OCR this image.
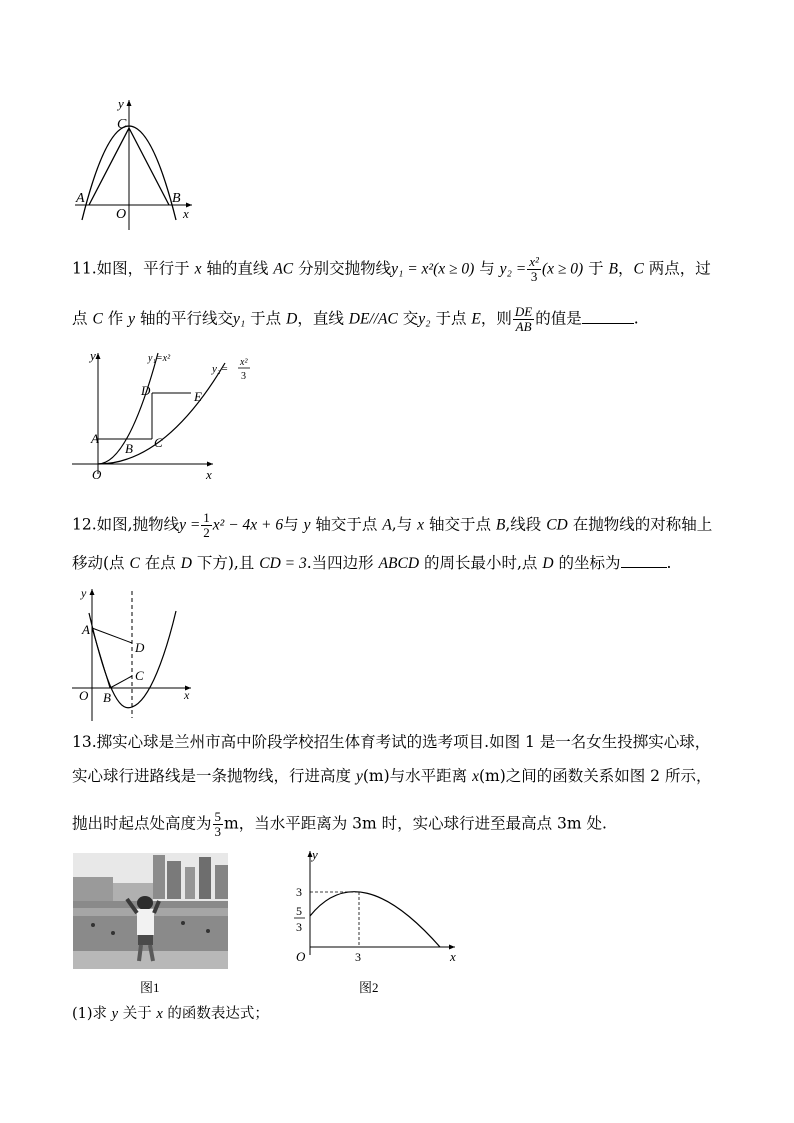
y
C
A
O
B
x
11.如图，平行于 x 轴的直线 AC 分别交抛物线y₁ = x²(x ≥ 0) 与 $y_2 = \frac{\text{x²}}{3} (x \ge 0)$ 于 B，C 两点，过
点 C 作 y 轴的平行线交y₁ 于点 D，直线 DE//AC 交y₂ 于点 E，则 $\frac{DE}{AB}$ 的值是	.
y	y₁=x²
y₂=
x²
3
D	E
A
B C
O	x
12.如图,抛物线$y = \frac{1}{2} x^2 - 4x + 6$与 y 轴交于点 A,与 x 轴交于点 B,线段 CD 在抛物线的对称轴上
移动(点 C 在点 D 下方),且 CD = 3.当四边形 ABCD 的周长最小时,点 D 的坐标为	.
y
A
D
C
O B	x
13.掷实心球是兰州市高中阶段学校招生体育考试的选考项目.如图 1 是一名女生投掷实心球，
实心球行进路线是一条抛物线，行进高度 y(m)与水平距离 x(m)之间的函数关系如图 2 所示，
抛出时起点处高度为 $\frac{5}{3}$ m，当水平距离为 3m 时，实心球行进至最高点 3m 处.
图1
y
3
5
3
O	3	x
图2
(1)求 y 关于 x 的函数表达式；
